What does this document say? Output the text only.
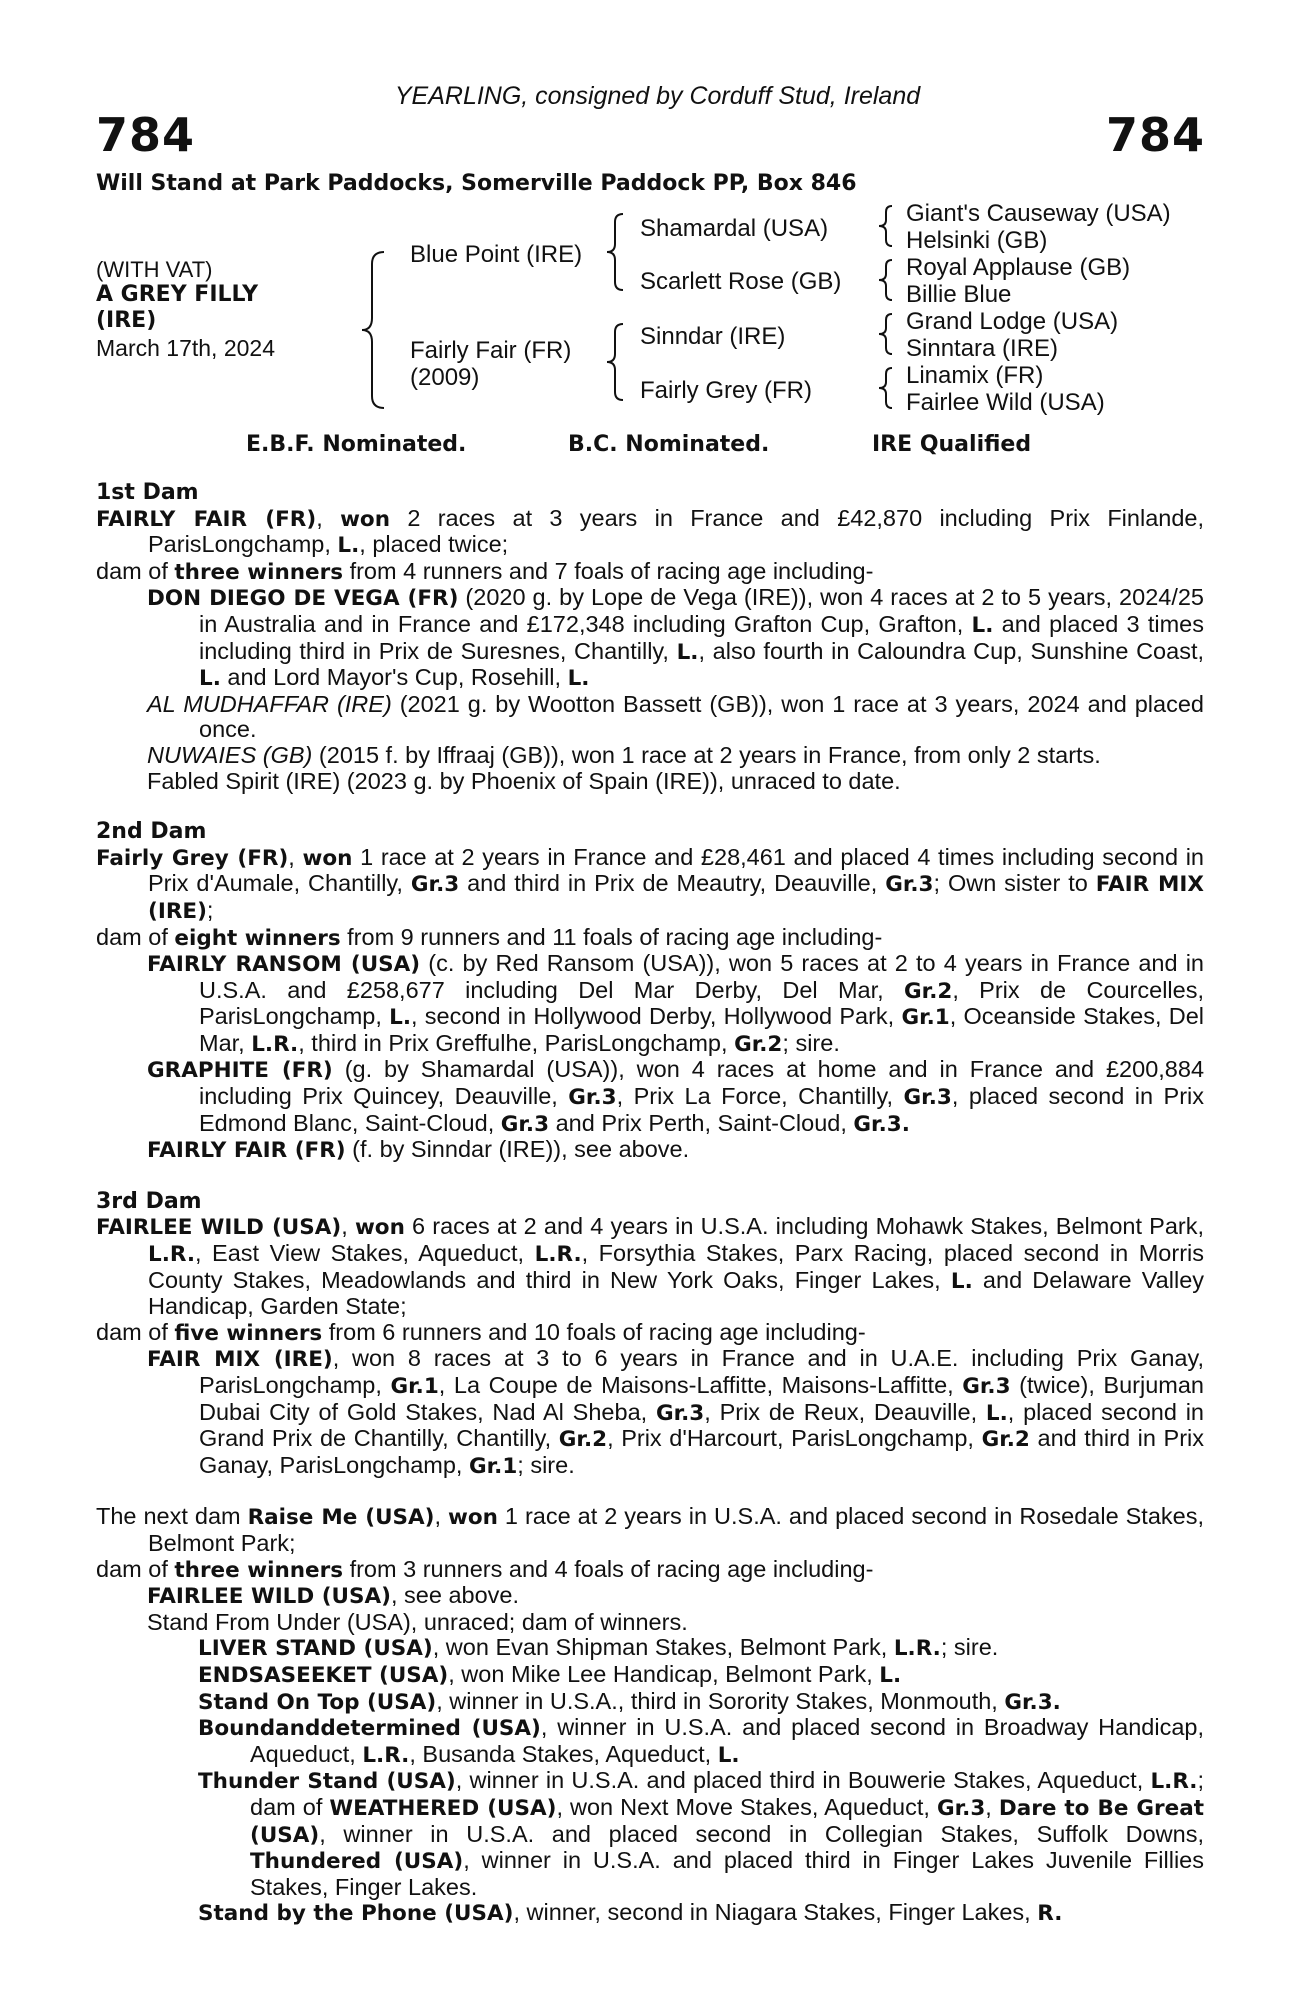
YEARLING, consigned by Corduff Stud, Ireland
784	784
Will Stand at Park Paddocks, Somerville Paddock PP, Box 846
(WITH VAT)
A GREY FILLY
(IRE)
March 17th, 2024
Blue Point (IRE)
Fairly Fair (FR)
(2009)
Shamardal (USA)
Scarlett Rose (GB)
Sinndar (IRE)
Fairly Grey (FR)
Giant's Causeway (USA)
Helsinki (GB)
Royal Applause (GB)
Billie Blue
Grand Lodge (USA)
Sinntara (IRE)
Linamix (FR)
Fairlee Wild (USA)
E.B.F. Nominated.	B.C. Nominated.	IRE Qualified

1st Dam

FAIRLY FAIR (FR), won 2 races at 3 years in France and £42,870 including Prix Finlande, ParisLongchamp, L., placed twice;

dam of three winners from 4 runners and 7 foals of racing age including-

DON DIEGO DE VEGA (FR) (2020 g. by Lope de Vega (IRE)), won 4 races at 2 to 5 years, 2024/25 in Australia and in France and £172,348 including Grafton Cup, Grafton, L. and placed 3 times including third in Prix de Suresnes, Chantilly, L., also fourth in Caloundra Cup, Sunshine Coast, L. and Lord Mayor's Cup, Rosehill, L.

AL MUDHAFFAR (IRE) (2021 g. by Wootton Bassett (GB)), won 1 race at 3 years, 2024 and placed once.

NUWAIES (GB) (2015 f. by Iffraaj (GB)), won 1 race at 2 years in France, from only 2 starts.

Fabled Spirit (IRE) (2023 g. by Phoenix of Spain (IRE)), unraced to date.

2nd Dam

Fairly Grey (FR), won 1 race at 2 years in France and £28,461 and placed 4 times including second in Prix d'Aumale, Chantilly, Gr.3 and third in Prix de Meautry, Deauville, Gr.3; Own sister to FAIR MIX (IRE);

dam of eight winners from 9 runners and 11 foals of racing age including-

FAIRLY RANSOM (USA) (c. by Red Ransom (USA)), won 5 races at 2 to 4 years in France and in U.S.A. and £258,677 including Del Mar Derby, Del Mar, Gr.2, Prix de Courcelles, ParisLongchamp, L., second in Hollywood Derby, Hollywood Park, Gr.1, Oceanside Stakes, Del Mar, L.R., third in Prix Greffulhe, ParisLongchamp, Gr.2; sire.

GRAPHITE (FR) (g. by Shamardal (USA)), won 4 races at home and in France and £200,884 including Prix Quincey, Deauville, Gr.3, Prix La Force, Chantilly, Gr.3, placed second in Prix Edmond Blanc, Saint-Cloud, Gr.3 and Prix Perth, Saint-Cloud, Gr.3.

FAIRLY FAIR (FR) (f. by Sinndar (IRE)), see above.

3rd Dam

FAIRLEE WILD (USA), won 6 races at 2 and 4 years in U.S.A. including Mohawk Stakes, Belmont Park, L.R., East View Stakes, Aqueduct, L.R., Forsythia Stakes, Parx Racing, placed second in Morris County Stakes, Meadowlands and third in New York Oaks, Finger Lakes, L. and Delaware Valley Handicap, Garden State;

dam of five winners from 6 runners and 10 foals of racing age including-

FAIR MIX (IRE), won 8 races at 3 to 6 years in France and in U.A.E. including Prix Ganay, ParisLongchamp, Gr.1, La Coupe de Maisons-Laffitte, Maisons-Laffitte, Gr.3 (twice), Burjuman Dubai City of Gold Stakes, Nad Al Sheba, Gr.3, Prix de Reux, Deauville, L., placed second in Grand Prix de Chantilly, Chantilly, Gr.2, Prix d'Harcourt, ParisLongchamp, Gr.2 and third in Prix Ganay, ParisLongchamp, Gr.1; sire.

The next dam Raise Me (USA), won 1 race at 2 years in U.S.A. and placed second in Rosedale Stakes, Belmont Park;

dam of three winners from 3 runners and 4 foals of racing age including-

FAIRLEE WILD (USA), see above.

Stand From Under (USA), unraced; dam of winners.

LIVER STAND (USA), won Evan Shipman Stakes, Belmont Park, L.R.; sire.

ENDSASEEKET (USA), won Mike Lee Handicap, Belmont Park, L.

Stand On Top (USA), winner in U.S.A., third in Sorority Stakes, Monmouth, Gr.3.

Boundanddetermined (USA), winner in U.S.A. and placed second in Broadway Handicap, Aqueduct, L.R., Busanda Stakes, Aqueduct, L.

Thunder Stand (USA), winner in U.S.A. and placed third in Bouwerie Stakes, Aqueduct, L.R.; dam of WEATHERED (USA), won Next Move Stakes, Aqueduct, Gr.3, Dare to Be Great (USA), winner in U.S.A. and placed second in Collegian Stakes, Suffolk Downs, Thundered (USA), winner in U.S.A. and placed third in Finger Lakes Juvenile Fillies Stakes, Finger Lakes.

Stand by the Phone (USA), winner, second in Niagara Stakes, Finger Lakes, R.
